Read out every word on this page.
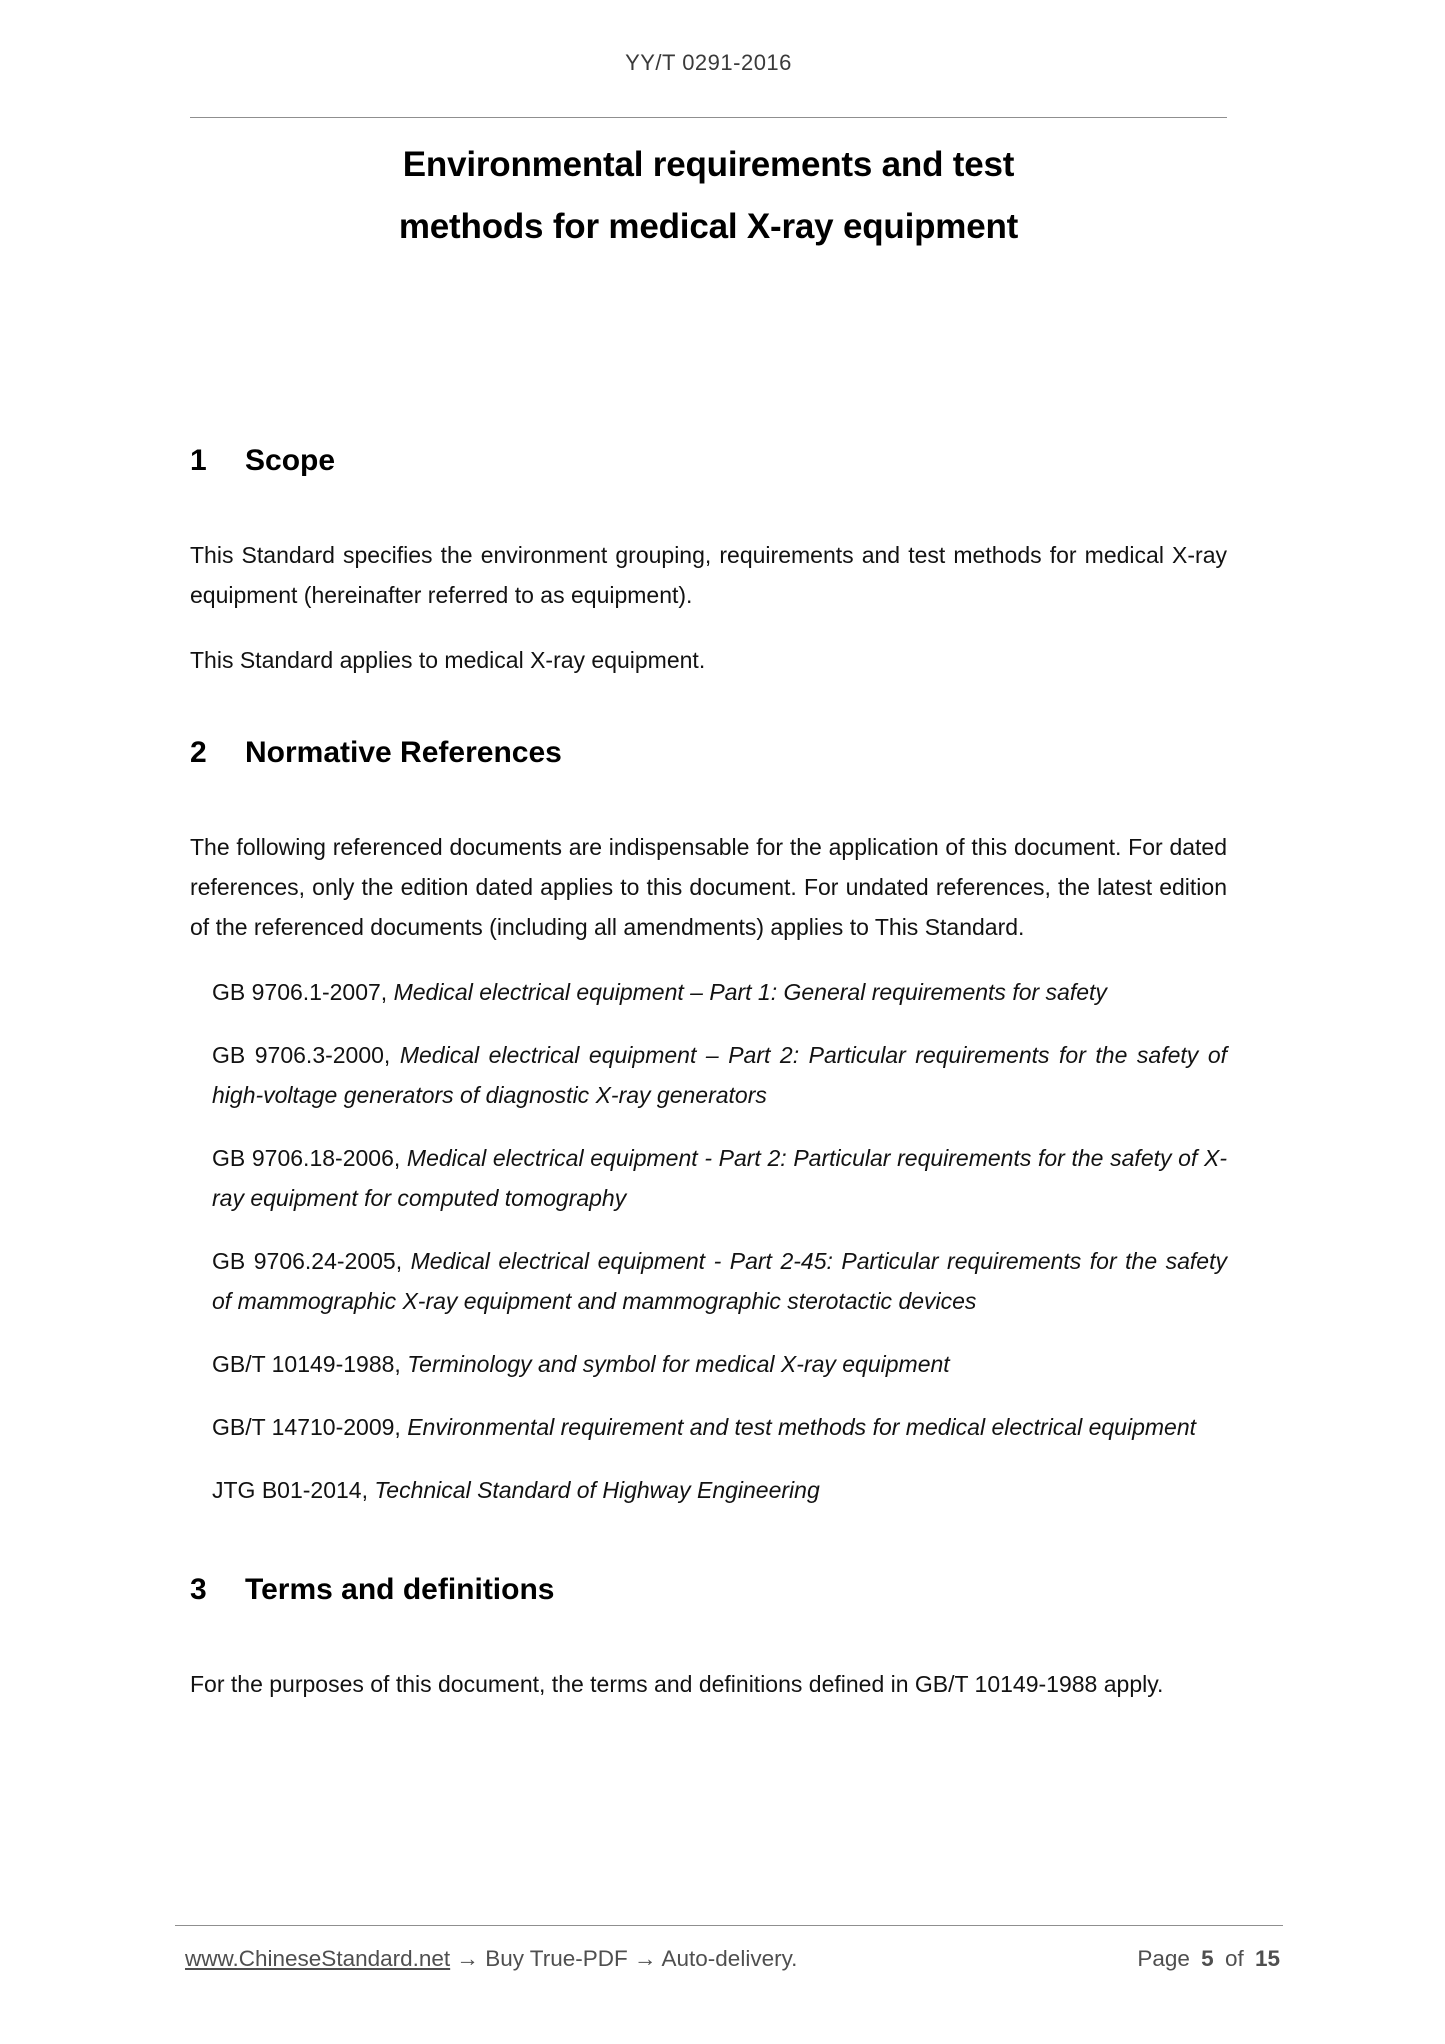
YY/T 0291-2016

Environmental requirements and test
methods for medical X-ray equipment
1 Scope

This Standard specifies the environment grouping, requirements and test methods for medical X-ray equipment (hereinafter referred to as equipment).

This Standard applies to medical X-ray equipment.

2 Normative References

The following referenced documents are indispensable for the application of this document. For dated references, only the edition dated applies to this document. For undated references, the latest edition of the referenced documents (including all amendments) applies to This Standard.

GB 9706.1-2007, Medical electrical equipment – Part 1: General requirements for safety

GB 9706.3-2000, Medical electrical equipment – Part 2: Particular requirements for the safety of high-voltage generators of diagnostic X-ray generators

GB 9706.18-2006, Medical electrical equipment - Part 2: Particular requirements for the safety of X-ray equipment for computed tomography

GB 9706.24-2005, Medical electrical equipment - Part 2-45: Particular requirements for the safety of mammographic X-ray equipment and mammographic sterotactic devices

GB/T 10149-1988, Terminology and symbol for medical X-ray equipment

GB/T 14710-2009, Environmental requirement and test methods for medical electrical equipment

JTG B01-2014, Technical Standard of Highway Engineering

3 Terms and definitions

For the purposes of this document, the terms and definitions defined in GB/T 10149-1988 apply.

www.ChineseStandard.net → Buy True-PDF → Auto-delivery.	Page 5 of 15
